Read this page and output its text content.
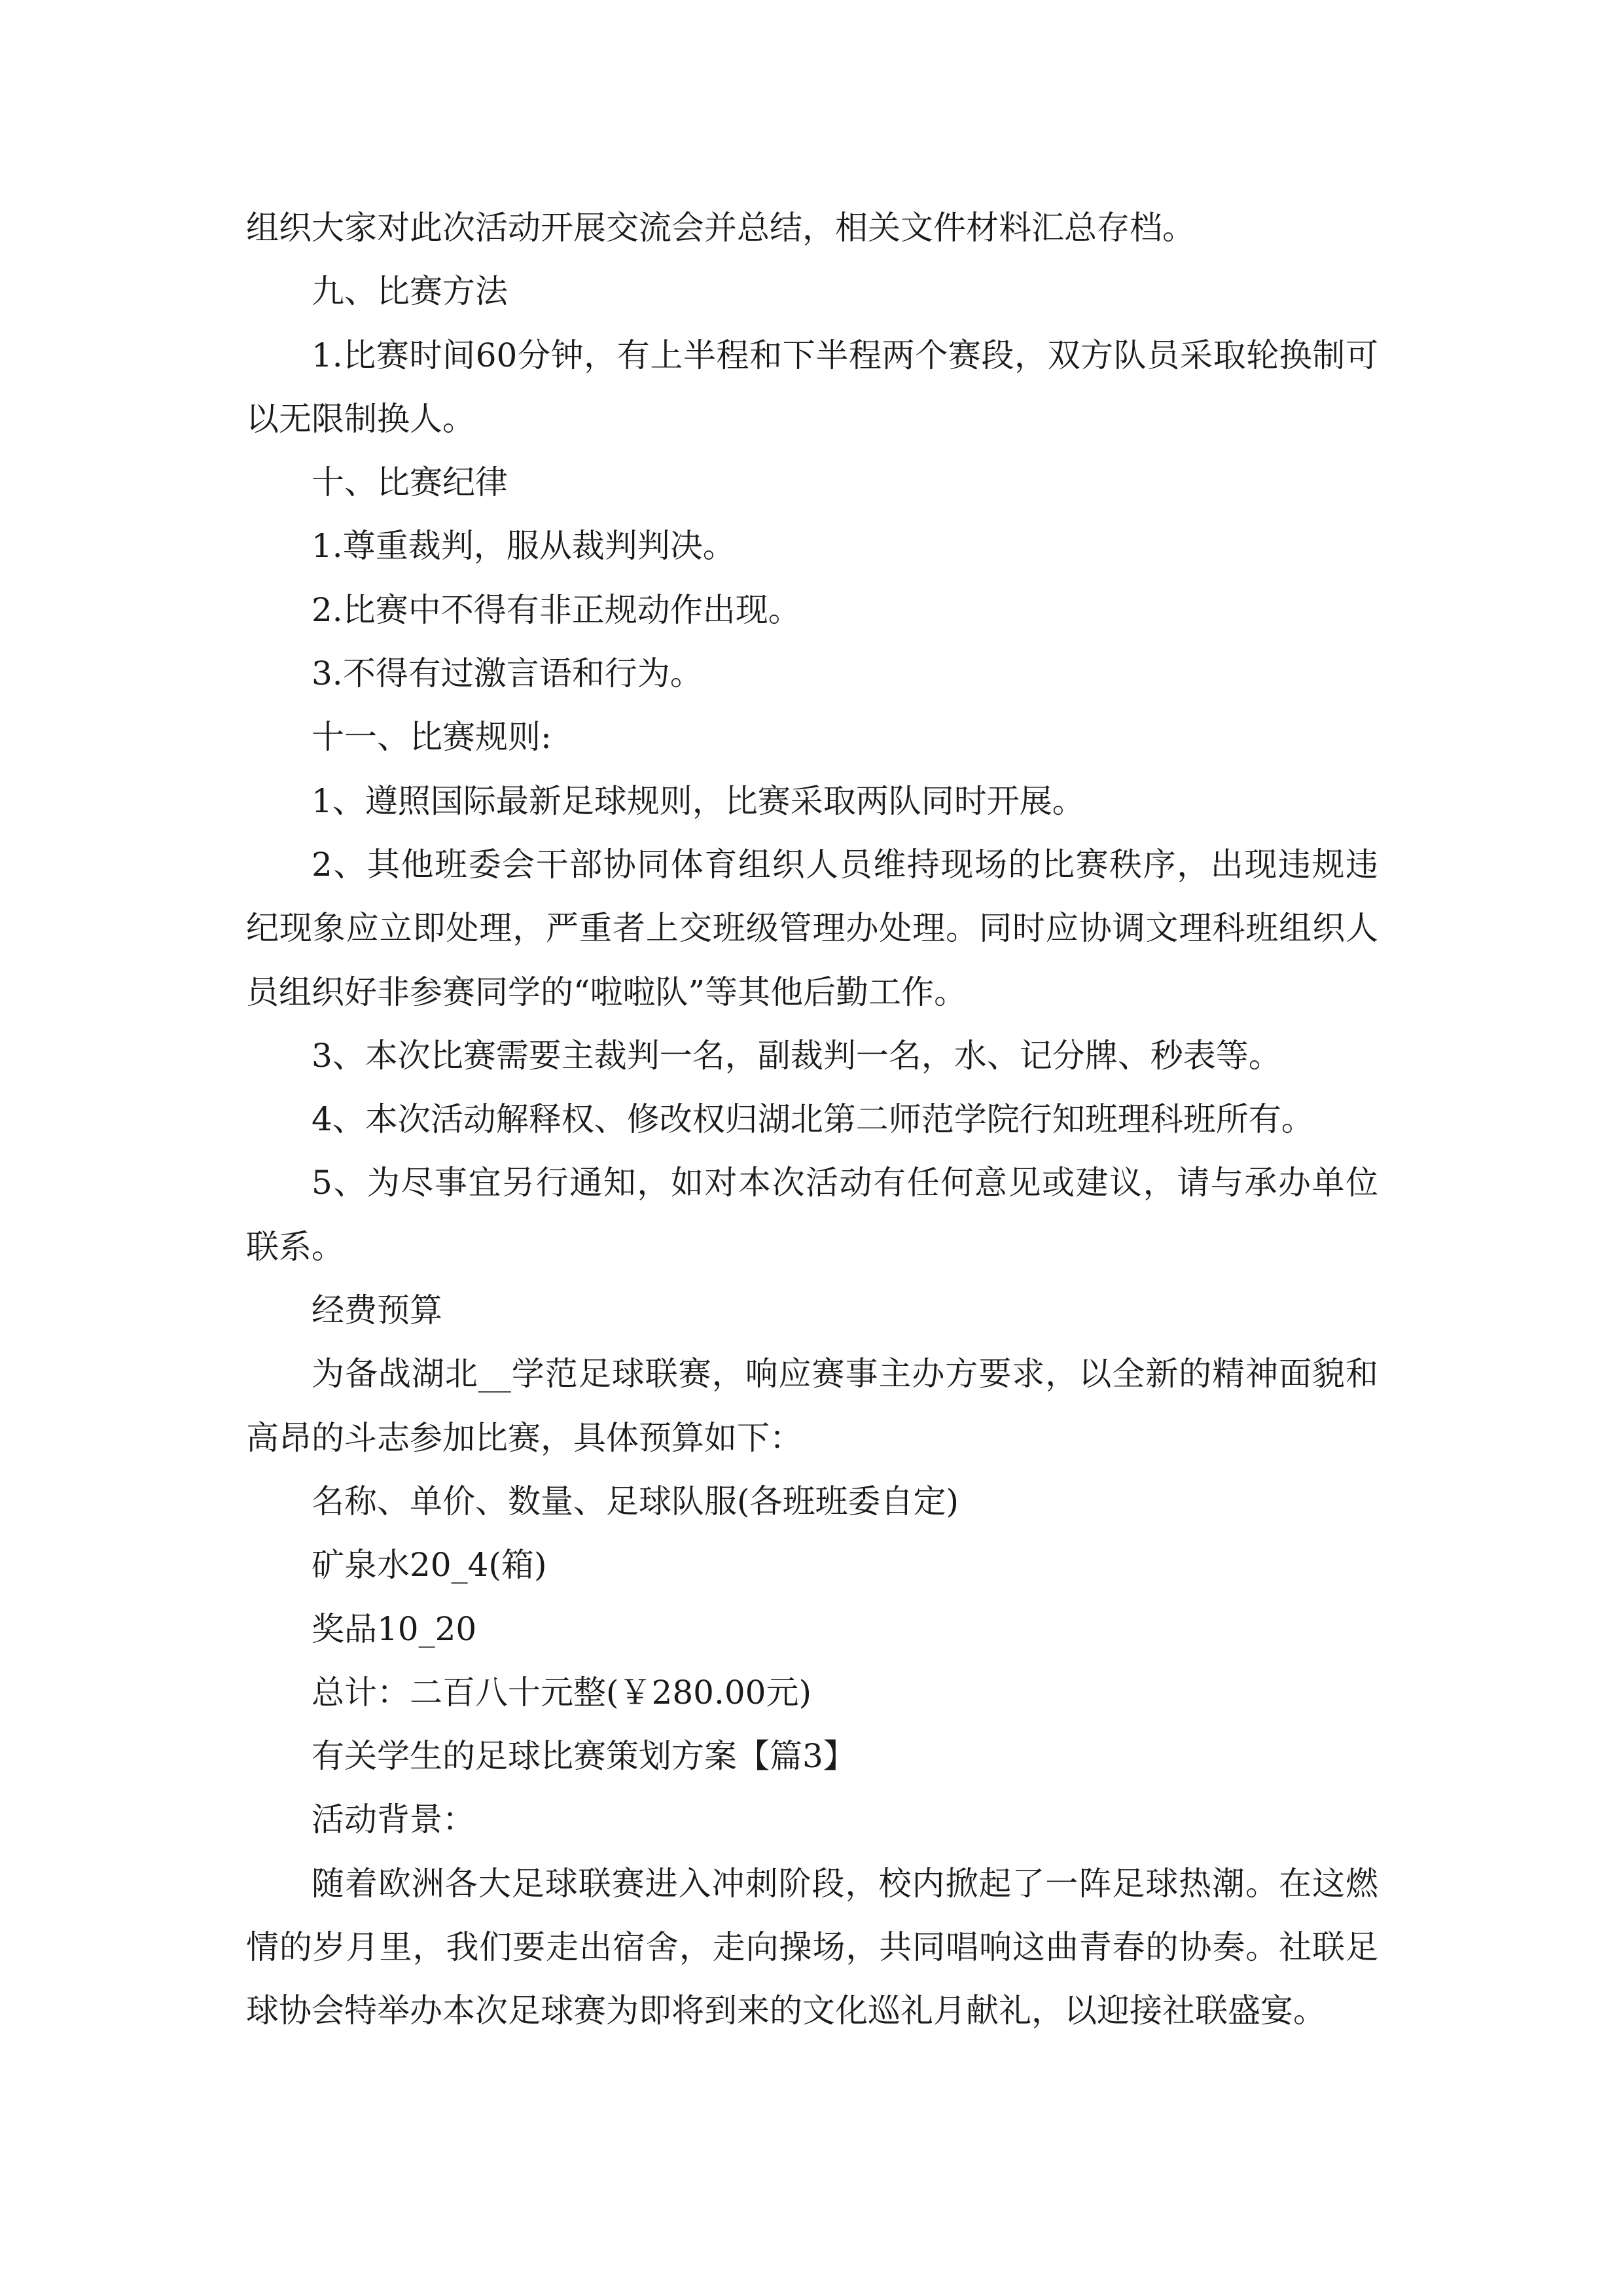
组织大家对此次活动开展交流会并总结，相关文件材料汇总存档。

九、比赛方法

1.比赛时间60分钟，有上半程和下半程两个赛段，双方队员采取轮换制可以无限制换人。

十、比赛纪律

1.尊重裁判，服从裁判判决。

2.比赛中不得有非正规动作出现。

3.不得有过激言语和行为。

十一、比赛规则:

1、遵照国际最新足球规则，比赛采取两队同时开展。

2、其他班委会干部协同体育组织人员维持现场的比赛秩序，出现违规违纪现象应立即处理，严重者上交班级管理办处理。同时应协调文理科班组织人员组织好非参赛同学的“啦啦队”等其他后勤工作。

3、本次比赛需要主裁判一名，副裁判一名，水、记分牌、秒表等。

4、本次活动解释权、修改权归湖北第二师范学院行知班理科班所有。

5、为尽事宜另行通知，如对本次活动有任何意见或建议，请与承办单位联系。

经费预算

为备战湖北__学范足球联赛，响应赛事主办方要求，以全新的精神面貌和高昂的斗志参加比赛，具体预算如下：

名称、单价、数量、足球队服(各班班委自定)

矿泉水20_4(箱)

奖品10_20

总计：二百八十元整(￥280.00元)

有关学生的足球比赛策划方案【篇3】

活动背景：

随着欧洲各大足球联赛进入冲刺阶段，校内掀起了一阵足球热潮。在这燃情的岁月里，我们要走出宿舍，走向操场，共同唱响这曲青春的协奏。社联足球协会特举办本次足球赛为即将到来的文化巡礼月献礼，以迎接社联盛宴。
